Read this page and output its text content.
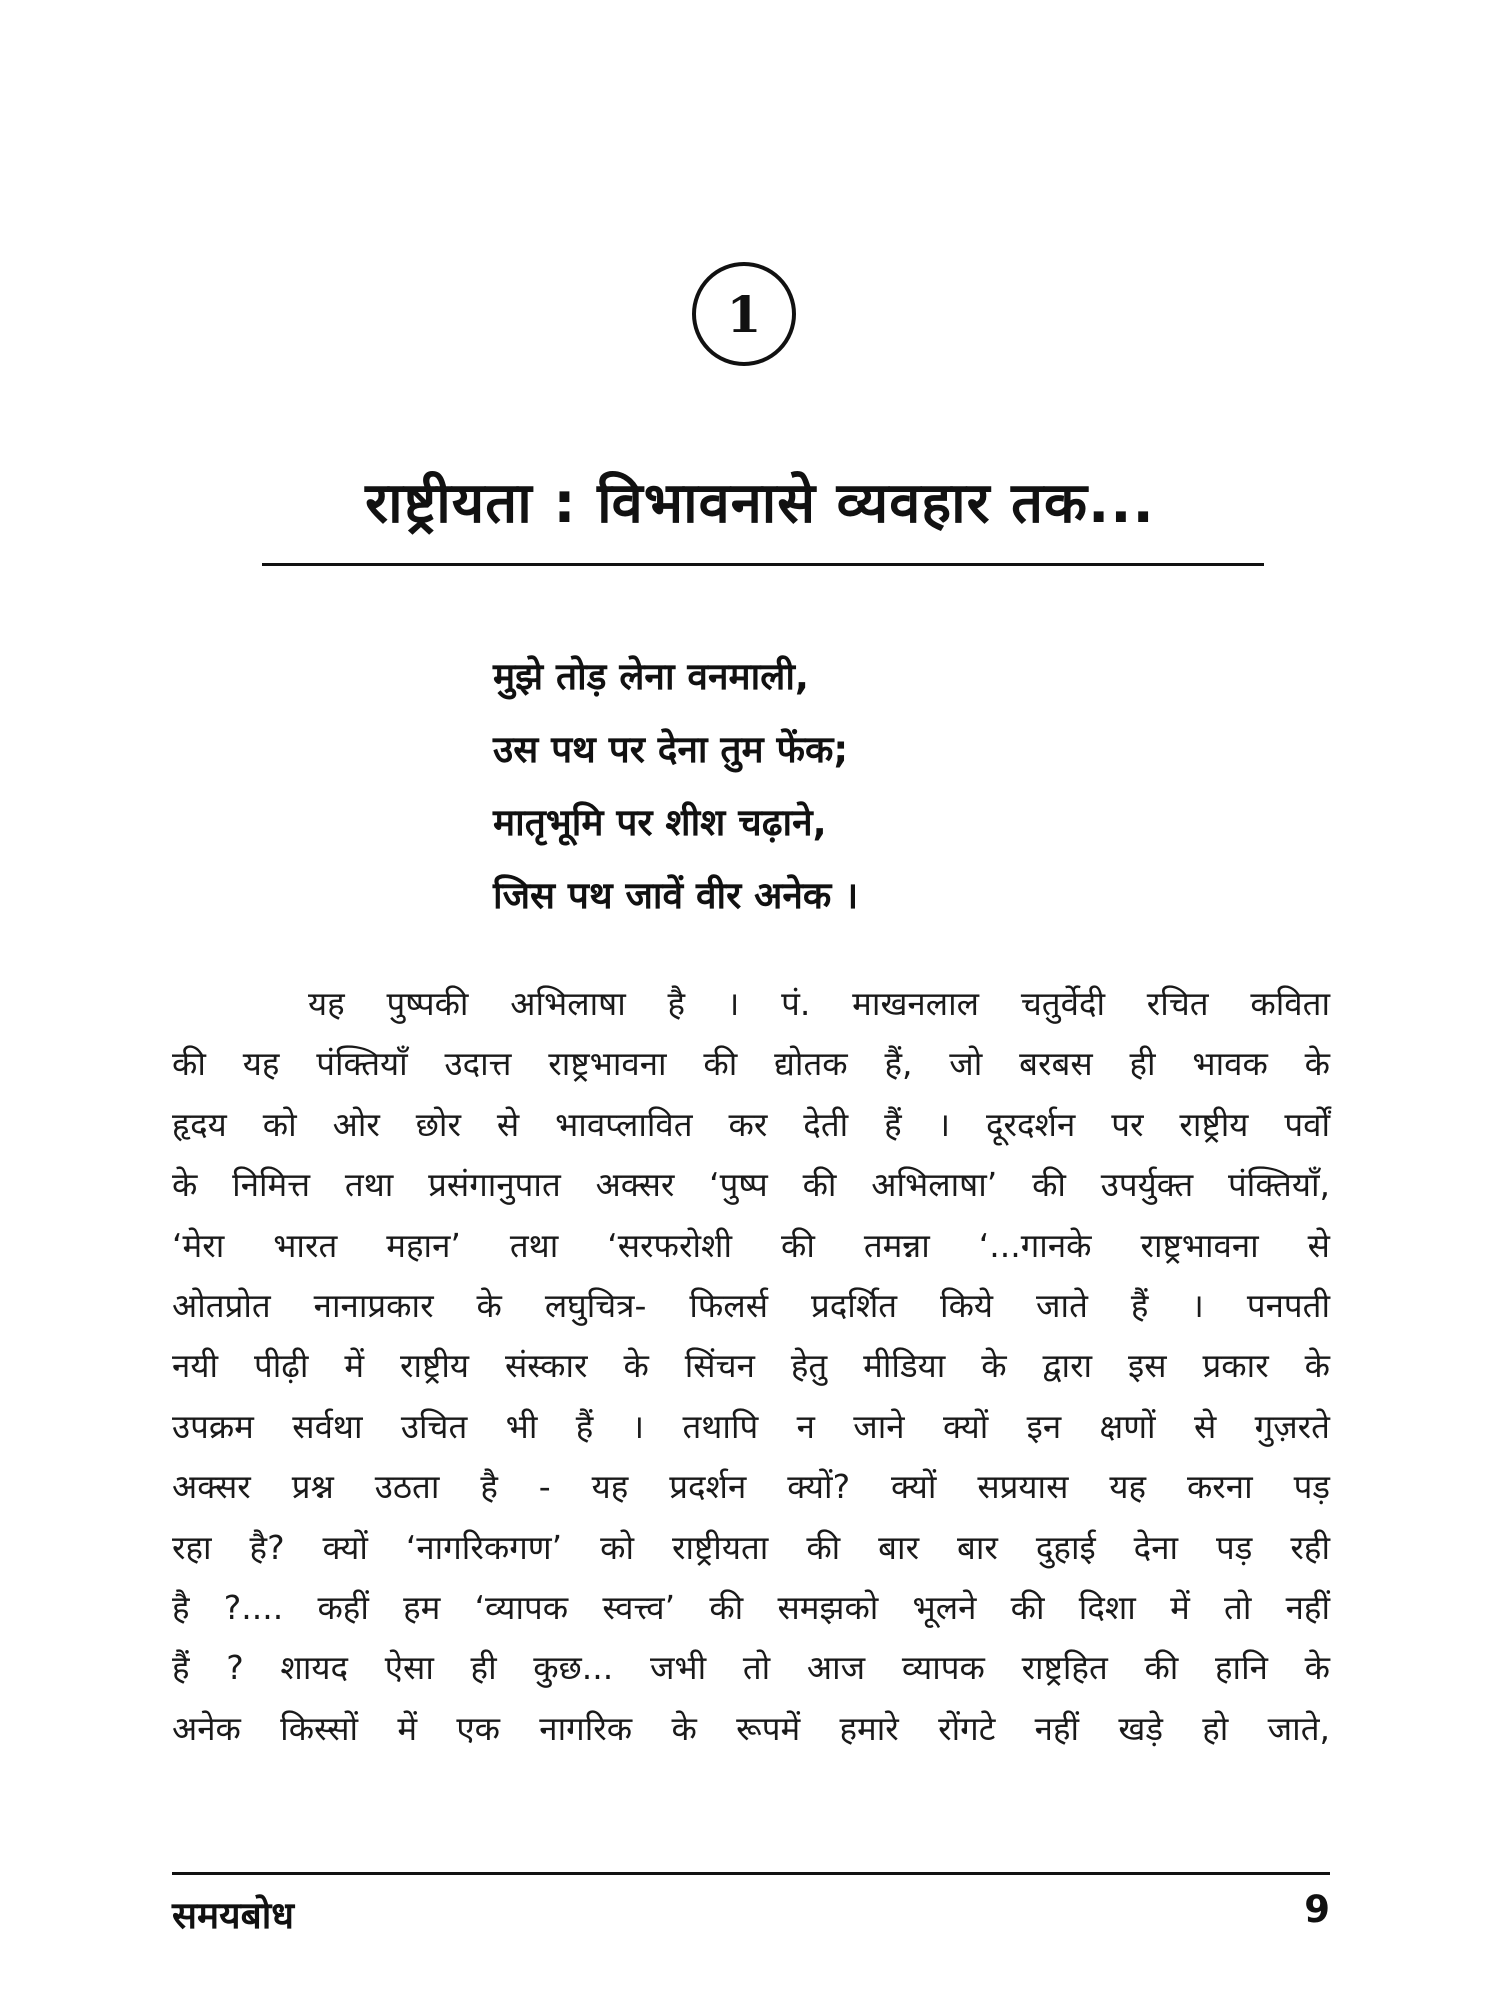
1
राष्ट्रीयता : विभावनासे व्यवहार तक...
मुझे तोड़ लेना वनमाली,
उस पथ पर देना तुम फेंक;
मातृभूमि पर शीश चढ़ाने,
जिस पथ जावें वीर अनेक ।
यह पुष्पकी अभिलाषा है । पं. माखनलाल चतुर्वेदी रचित कविता
की यह पंक्तियाँ उदात्त राष्ट्रभावना की द्योतक हैं, जो बरबस ही भावक के
हृदय को ओर छोर से भावप्लावित कर देती हैं । दूरदर्शन पर राष्ट्रीय पर्वों
के निमित्त तथा प्रसंगानुपात अक्सर ‘पुष्प की अभिलाषा’ की उपर्युक्त पंक्तियाँ,
‘मेरा भारत महान’ तथा ‘सरफरोशी की तमन्ना ‘...गानके राष्ट्रभावना से
ओतप्रोत नानाप्रकार के लघुचित्र- फिलर्स प्रदर्शित किये जाते हैं । पनपती
नयी पीढ़ी में राष्ट्रीय संस्कार के सिंचन हेतु मीडिया के द्वारा इस प्रकार के
उपक्रम सर्वथा उचित भी हैं । तथापि न जाने क्यों इन क्षणों से गुज़रते
अक्सर प्रश्न उठता है - यह प्रदर्शन क्यों? क्यों सप्रयास यह करना पड़
रहा है? क्यों ‘नागरिकगण’ को राष्ट्रीयता की बार बार दुहाई देना पड़ रही
है ?.... कहीं हम ‘व्यापक स्वत्त्व’ की समझको भूलने की दिशा में तो नहीं
हैं ? शायद ऐसा ही कुछ... जभी तो आज व्यापक राष्ट्रहित की हानि के
अनेक किस्सों में एक नागरिक के रूपमें हमारे रोंगटे नहीं खड़े हो जाते,
समयबोध	9
